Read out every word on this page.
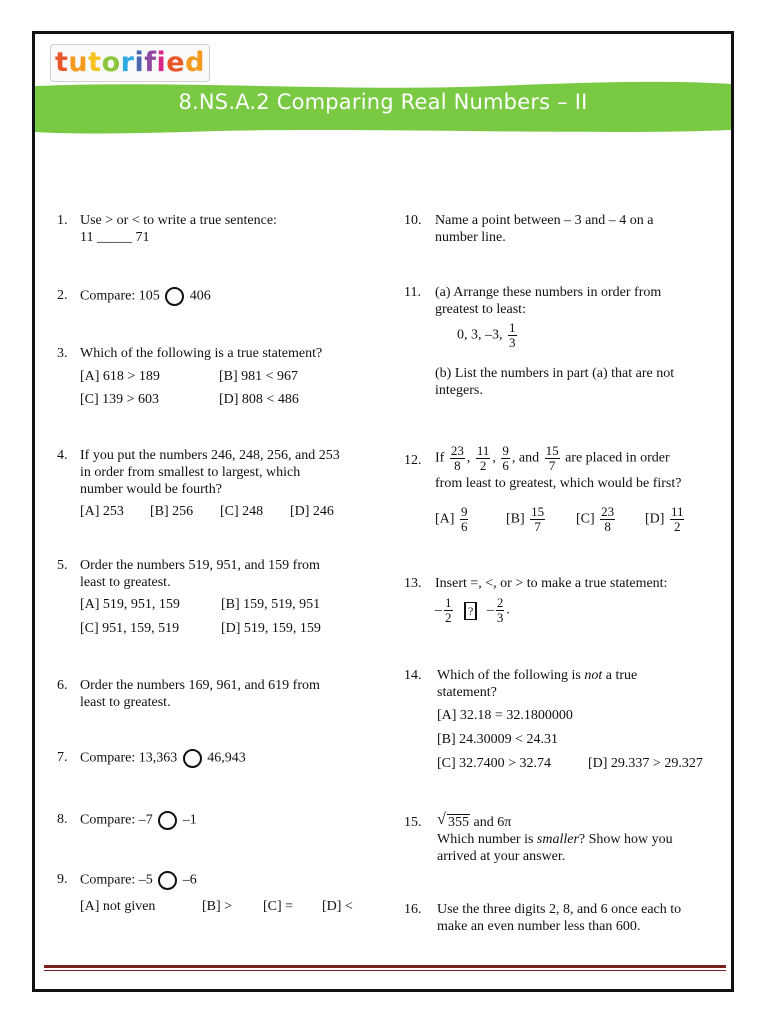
tutorified
8.NS.A.2 Comparing Real Numbers – II
1. Use > or < to write a true sentence:
11 _____ 71
2. Compare: 105 406
3. Which of the following is a true statement?
[A] 618 > 189	[B] 981 < 967
[C] 139 > 603	[D] 808 < 486
4. If you put the numbers 246, 248, 256, and 253
in order from smallest to largest, which
number would be fourth?
[A] 253 [B] 256 [C] 248 [D] 246
5. Order the numbers 519, 951, and 159 from
least to greatest.
[A] 519, 951, 159	[B] 159, 519, 951
[C] 951, 159, 519	[D] 519, 159, 159
6. Order the numbers 169, 961, and 619 from
least to greatest.
7. Compare: 13,363 46,943
8. Compare: –7 –1
9. Compare: –5 –6
[A] not given	[B] > [C] = [D] <
10. Name a point between – 3 and – 4 on a
number line.
11. (a) Arrange these numbers in order from
greatest to least:
0, 3, –3, $\frac{1}{3}$
(b) List the numbers in part (a) that are not
integers.
12. If $\frac{23}{8}$ , $\frac{11}{2}$ , $\frac{9}{6}$ , and $\frac{15}{7}$ are placed in order
from least to greatest, which would be first?
$[A] \frac{9}{6}$	$[B] \frac{15}{7} [C] \frac{23}{8} [D] \frac{11}{2}$
13. Insert =, <, or > to make a true statement:
– $\frac{1}{2}$ ? – $\frac{2}{3}$ .
14. Which of the following is not a true
statement?
[A] 32.18 = 32.1800000
[B] 24.30009 < 24.31
[C] 32.7400 > 32.74	[D] 29.337 > 29.327
15. √ 355 and 6π
Which number is smaller? Show how you
arrived at your answer.
16. Use the three digits 2, 8, and 6 once each to
make an even number less than 600.
